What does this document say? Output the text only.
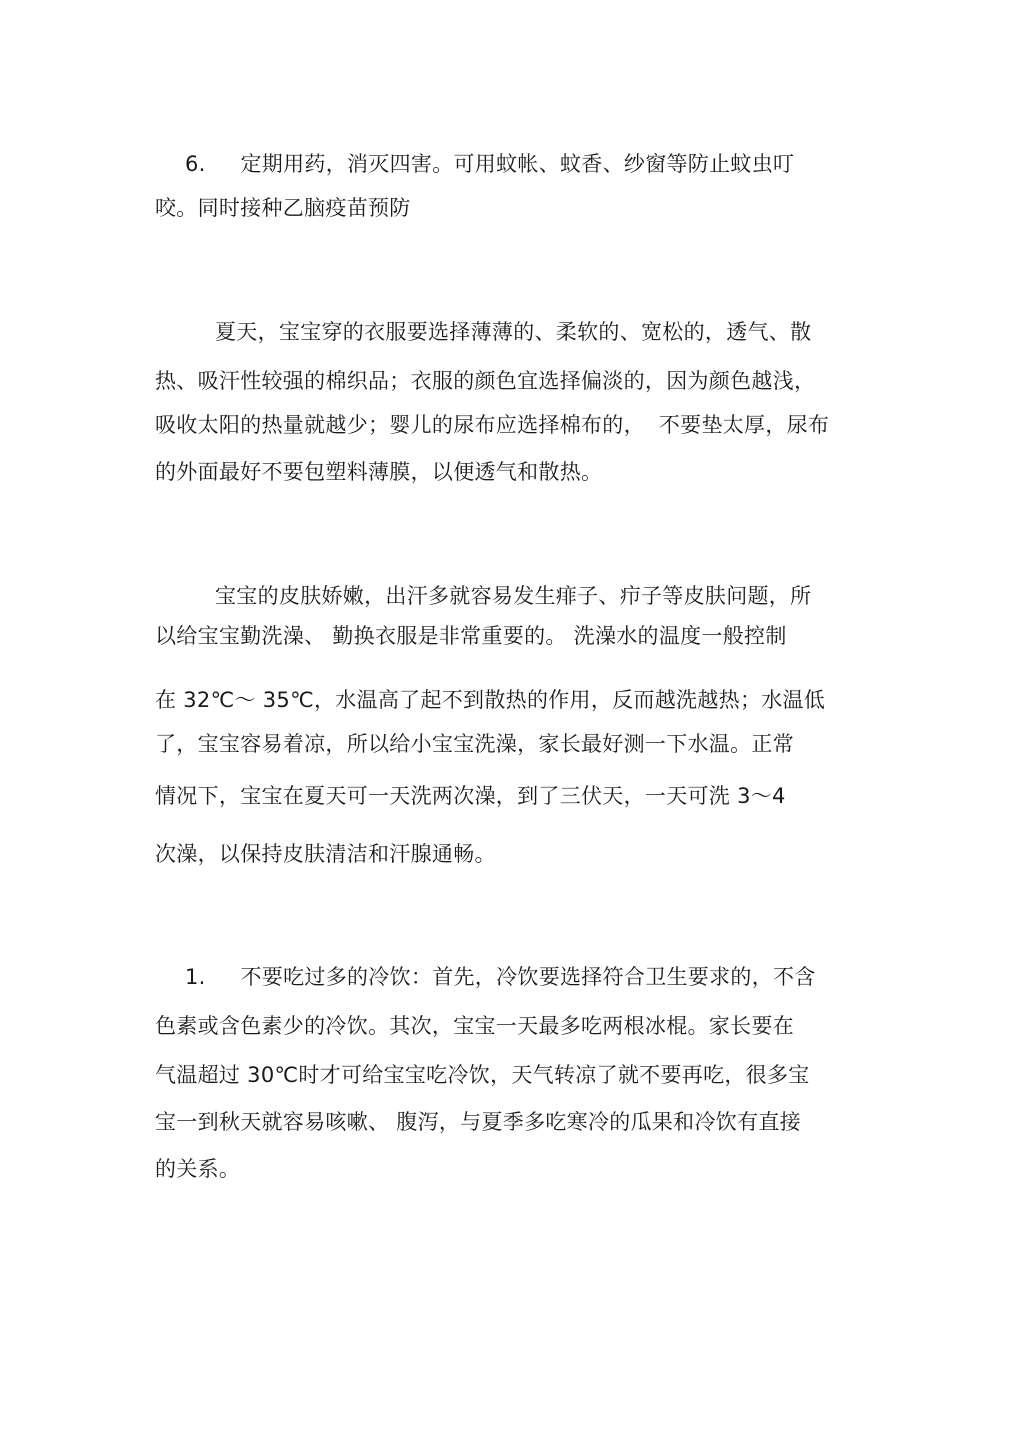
6.     定期用药，消灭四害。可用蚊帐、蚊香、纱窗等防止蚊虫叮
咬。同时接种乙脑疫苗预防
夏天，宝宝穿的衣服要选择薄薄的、柔软的、宽松的，透气、散
热、吸汗性较强的棉织品；衣服的颜色宜选择偏淡的，因为颜色越浅，
吸收太阳的热量就越少；婴儿的尿布应选择棉布的，  不要垫太厚，尿布
的外面最好不要包塑料薄膜，以便透气和散热。
宝宝的皮肤娇嫩，出汗多就容易发生痱子、疖子等皮肤问题，所
以给宝宝勤洗澡、 勤换衣服是非常重要的。 洗澡水的温度一般控制
在 32℃～ 35℃，水温高了起不到散热的作用，反而越洗越热；水温低
了，宝宝容易着凉，所以给小宝宝洗澡，家长最好测一下水温。正常
情况下，宝宝在夏天可一天洗两次澡，到了三伏天，一天可洗 3～4
次澡，以保持皮肤清洁和汗腺通畅。
1.     不要吃过多的冷饮：首先，冷饮要选择符合卫生要求的，不含
色素或含色素少的冷饮。其次，宝宝一天最多吃两根冰棍。家长要在
气温超过 30℃时才可给宝宝吃冷饮，天气转凉了就不要再吃，很多宝
宝一到秋天就容易咳嗽、 腹泻，与夏季多吃寒冷的瓜果和冷饮有直接
的关系。
